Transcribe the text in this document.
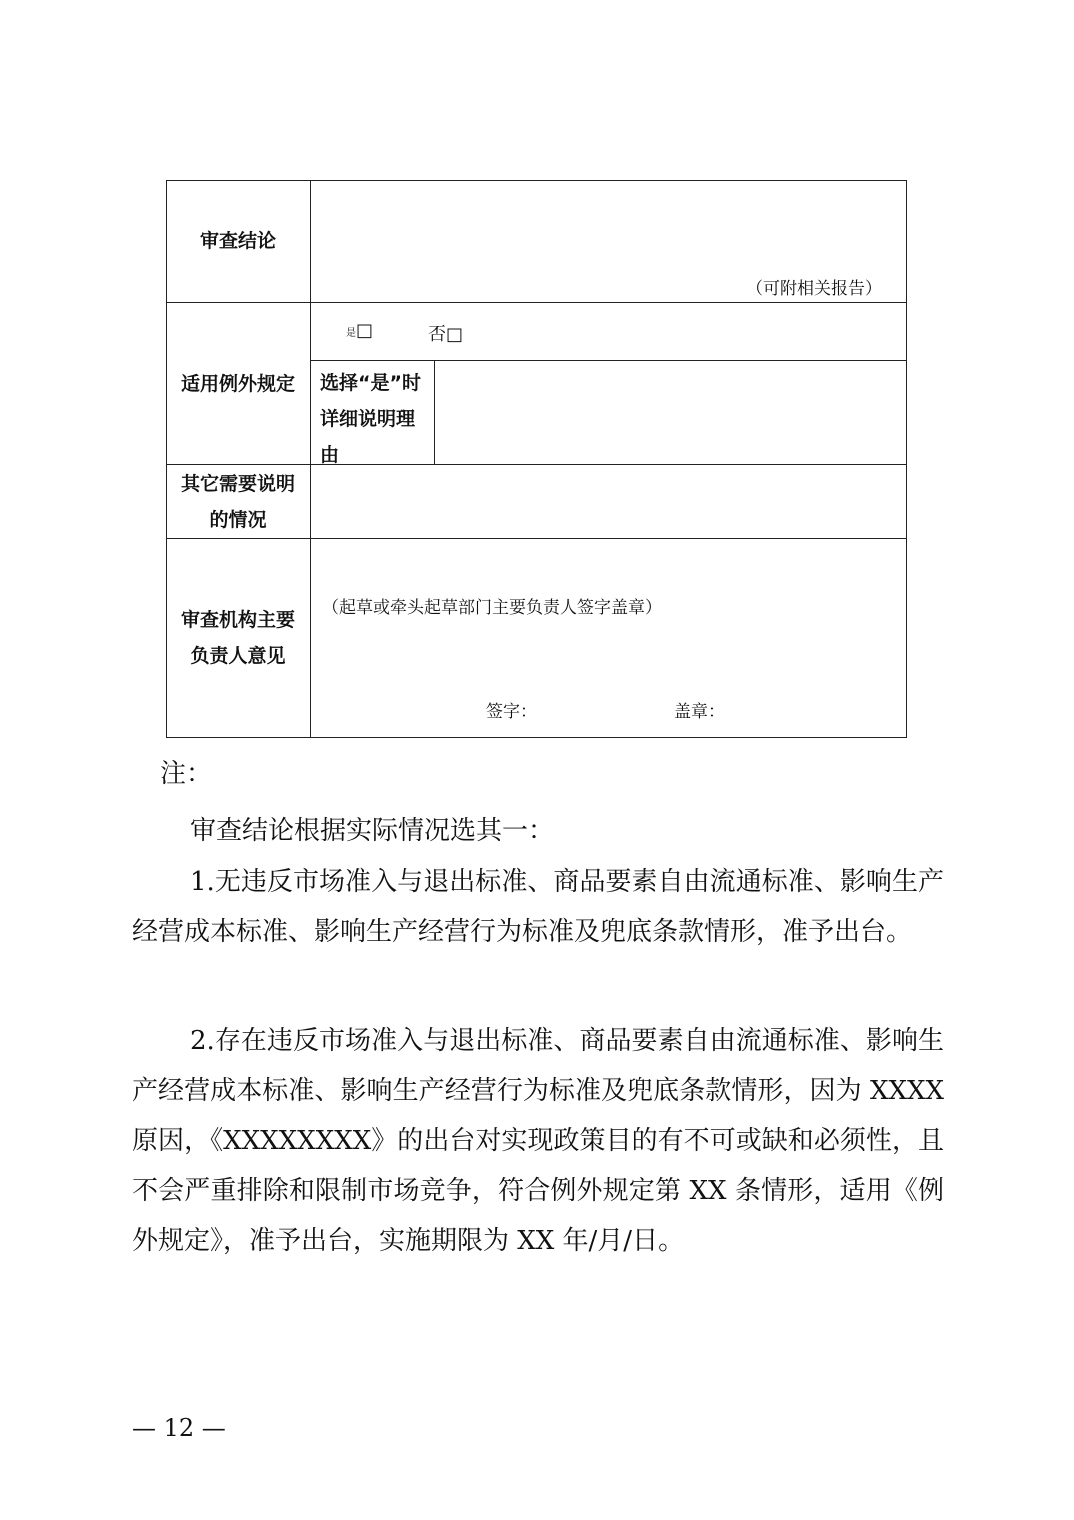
审查结论
（可附相关报告）
适用例外规定
是□	否□
选择“是”时详细说明理由
其它需要说明的情况
审查机构主要负责人意见
（起草或牵头起草部门主要负责人签字盖章）
签字：	盖章：
注：
审查结论根据实际情况选其一：
1.无违反市场准入与退出标准、商品要素自由流通标准、影响生产经营成本标准、影响生产经营行为标准及兜底条款情形，准予出台。
2.存在违反市场准入与退出标准、商品要素自由流通标准、影响生产经营成本标准、影响生产经营行为标准及兜底条款情形，因为 XXXX 原因，《XXXXXXXX》的出台对实现政策目的有不可或缺和必须性，且不会严重排除和限制市场竞争，符合例外规定第 XX 条情形，适用《例外规定》，准予出台，实施期限为 XX 年/月/日。
— 12 —
